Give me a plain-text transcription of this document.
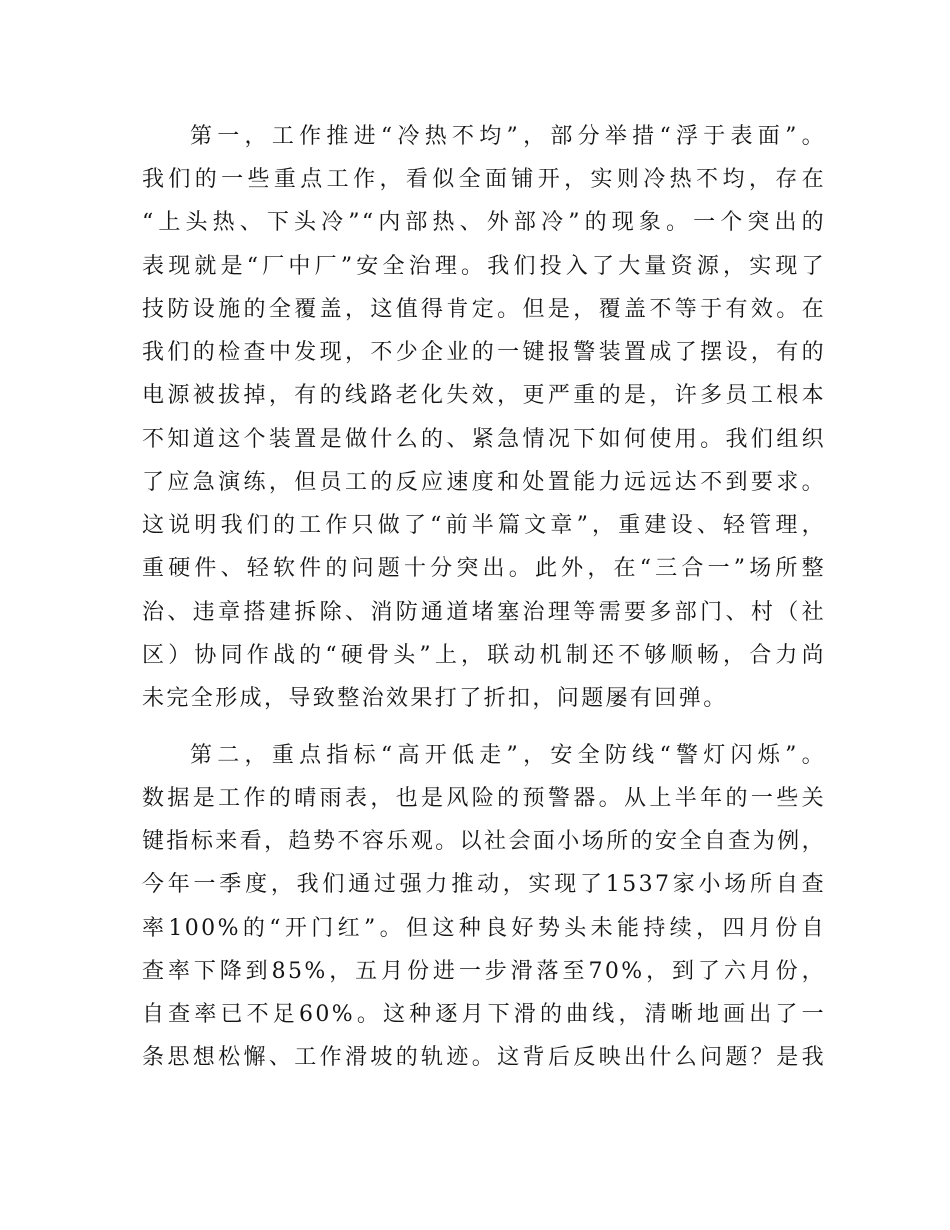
第一，工作推进“冷热不均”，部分举措“浮于表面”。

我们的一些重点工作，看似全面铺开，实则冷热不均，存在

“上头热、下头冷”“内部热、外部冷”的现象。一个突出的

表现就是“厂中厂”安全治理。我们投入了大量资源，实现了

技防设施的全覆盖，这值得肯定。但是，覆盖不等于有效。在

我们的检查中发现，不少企业的一键报警装置成了摆设，有的

电源被拔掉，有的线路老化失效，更严重的是，许多员工根本

不知道这个装置是做什么的、紧急情况下如何使用。我们组织

了应急演练，但员工的反应速度和处置能力远远达不到要求。

这说明我们的工作只做了“前半篇文章”，重建设、轻管理，

重硬件、轻软件的问题十分突出。此外，在“三合一”场所整

治、违章搭建拆除、消防通道堵塞治理等需要多部门、村（社

区）协同作战的“硬骨头”上，联动机制还不够顺畅，合力尚

未完全形成，导致整治效果打了折扣，问题屡有回弹。

第二，重点指标“高开低走”，安全防线“警灯闪烁”。

数据是工作的晴雨表，也是风险的预警器。从上半年的一些关

键指标来看，趋势不容乐观。以社会面小场所的安全自查为例，

今年一季度，我们通过强力推动，实现了1537家小场所自查

率100%的“开门红”。但这种良好势头未能持续，四月份自

查率下降到85%，五月份进一步滑落至70%，到了六月份，

自查率已不足60%。这种逐月下滑的曲线，清晰地画出了一

条思想松懈、工作滑坡的轨迹。这背后反映出什么问题？是我
